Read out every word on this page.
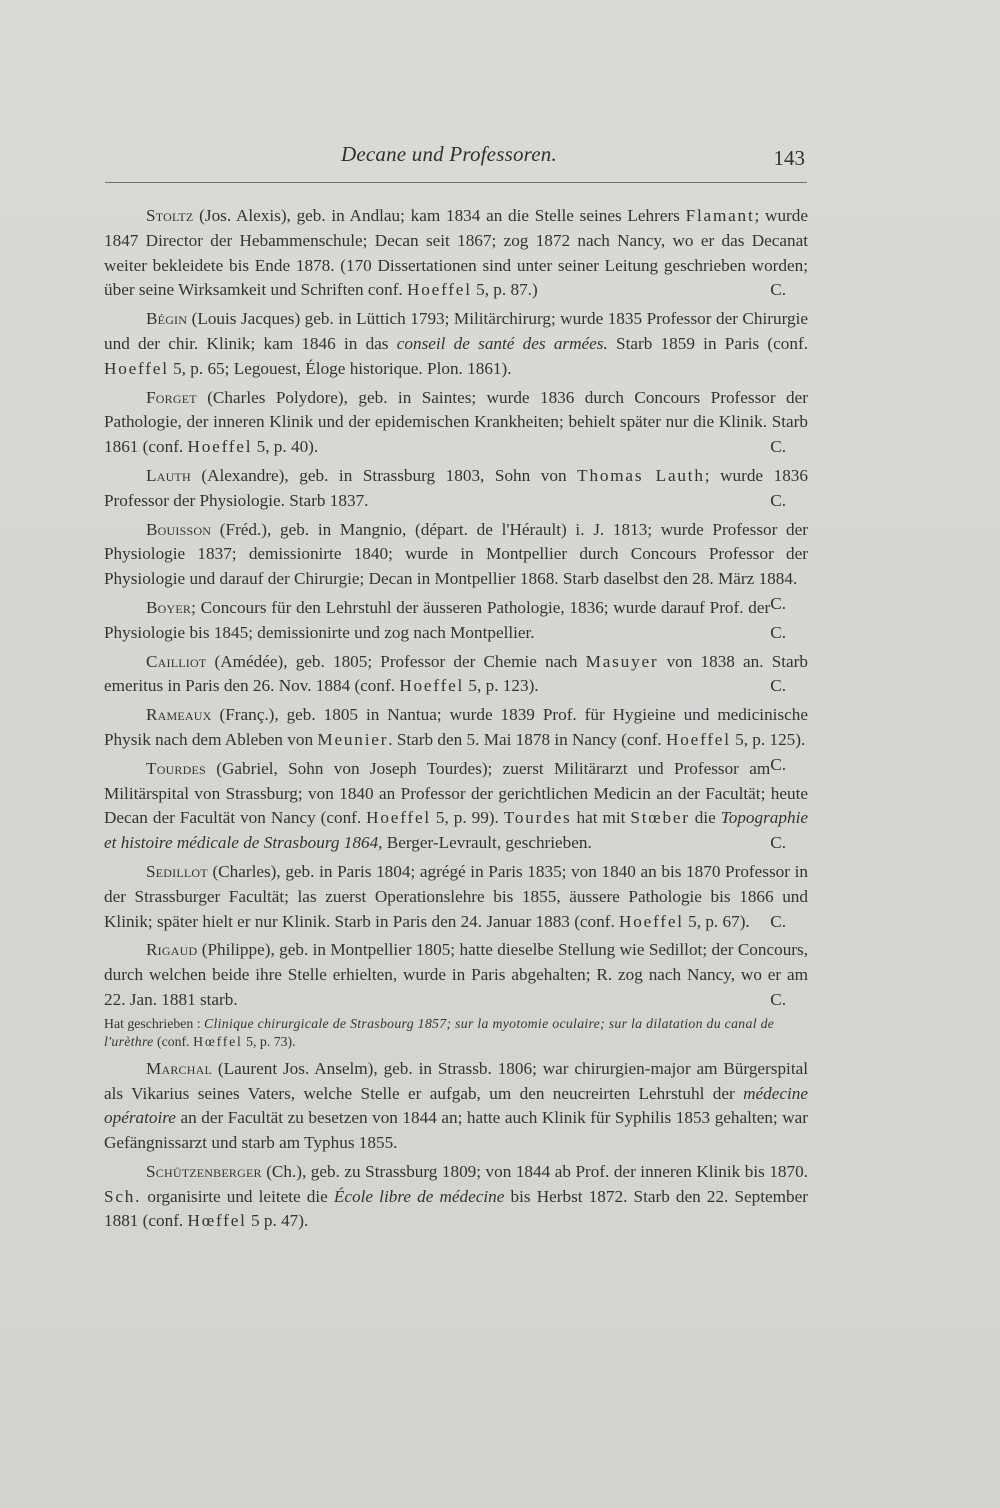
Decane und Professoren.	143

Stoltz (Jos. Alexis), geb. in Andlau; kam 1834 an die Stelle seines Lehrers Flamant; wurde 1847 Director der Hebammenschule; Decan seit 1867; zog 1872 nach Nancy, wo er das Decanat weiter bekleidete bis Ende 1878. (170 Dissertationen sind unter seiner Leitung geschrieben worden; über seine Wirksamkeit und Schriften conf. Hoeffel 5, p. 87.)	C.

Bégin (Louis Jacques) geb. in Lüttich 1793; Militärchirurg; wurde 1835 Professor der Chirurgie und der chir. Klinik; kam 1846 in das conseil de santé des armées. Starb 1859 in Paris (conf. Hoeffel 5, p. 65; Legouest, Éloge historique. Plon. 1861).

Forget (Charles Polydore), geb. in Saintes; wurde 1836 durch Concours Professor der Pathologie, der inneren Klinik und der epidemischen Krankheiten; behielt später nur die Klinik. Starb 1861 (conf. Hoeffel 5, p. 40).	C.

Lauth (Alexandre), geb. in Strassburg 1803, Sohn von Thomas Lauth; wurde 1836 Professor der Physiologie. Starb 1837.	C.

Bouisson (Fréd.), geb. in Mangnio, (départ. de l'Hérault) i. J. 1813; wurde Professor der Physiologie 1837; demissionirte 1840; wurde in Montpellier durch Concours Professor der Physiologie und darauf der Chirurgie; Decan in Montpellier 1868. Starb daselbst den 28. März 1884.
C.

Boyer; Concours für den Lehrstuhl der äusseren Pathologie, 1836; wurde darauf Prof. der Physiologie bis 1845; demissionirte und zog nach Montpellier.	C.

Cailliot (Amédée), geb. 1805; Professor der Chemie nach Masuyer von 1838 an. Starb emeritus in Paris den 26. Nov. 1884 (conf. Hoeffel 5, p. 123).	C.

Rameaux (Franç.), geb. 1805 in Nantua; wurde 1839 Prof. für Hygieine und medicinische Physik nach dem Ableben von Meunier. Starb den 5. Mai 1878 in Nancy (conf. Hoeffel 5, p. 125).
C.

Tourdes (Gabriel, Sohn von Joseph Tourdes); zuerst Militärarzt und Professor am Militärspital von Strassburg; von 1840 an Professor der gerichtlichen Medicin an der Facultät; heute Decan der Facultät von Nancy (conf. Hoeffel 5, p. 99). Tourdes hat mit Stœber die Topographie et histoire médicale de Strasbourg 1864, Berger-Levrault, geschrieben.	C.

Sedillot (Charles), geb. in Paris 1804; agrégé in Paris 1835; von 1840 an bis 1870 Professor in der Strassburger Facultät; las zuerst Operationslehre bis 1855, äussere Pathologie bis 1866 und Klinik; später hielt er nur Klinik. Starb in Paris den 24. Januar 1883 (conf. Hoeffel 5, p. 67). C.

Rigaud (Philippe), geb. in Montpellier 1805; hatte dieselbe Stellung wie Sedillot; der Concours, durch welchen beide ihre Stelle erhielten, wurde in Paris abgehalten; R. zog nach Nancy, wo er am 22. Jan. 1881 starb.	C.

Hat geschrieben : Clinique chirurgicale de Strasbourg 1857; sur la myotomie oculaire; sur la dilatation du canal de l'urèthre (conf. Hœffel 5, p. 73).

Marchal (Laurent Jos. Anselm), geb. in Strassb. 1806; war chirurgien-major am Bürgerspital als Vikarius seines Vaters, welche Stelle er aufgab, um den neucreirten Lehrstuhl der médecine opératoire an der Facultät zu besetzen von 1844 an; hatte auch Klinik für Syphilis 1853 gehalten; war Gefängnissarzt und starb am Typhus 1855.

Schützenberger (Ch.), geb. zu Strassburg 1809; von 1844 ab Prof. der inneren Klinik bis 1870. Sch. organisirte und leitete die École libre de médecine bis Herbst 1872. Starb den 22. September 1881 (conf. Hœffel 5 p. 47).
